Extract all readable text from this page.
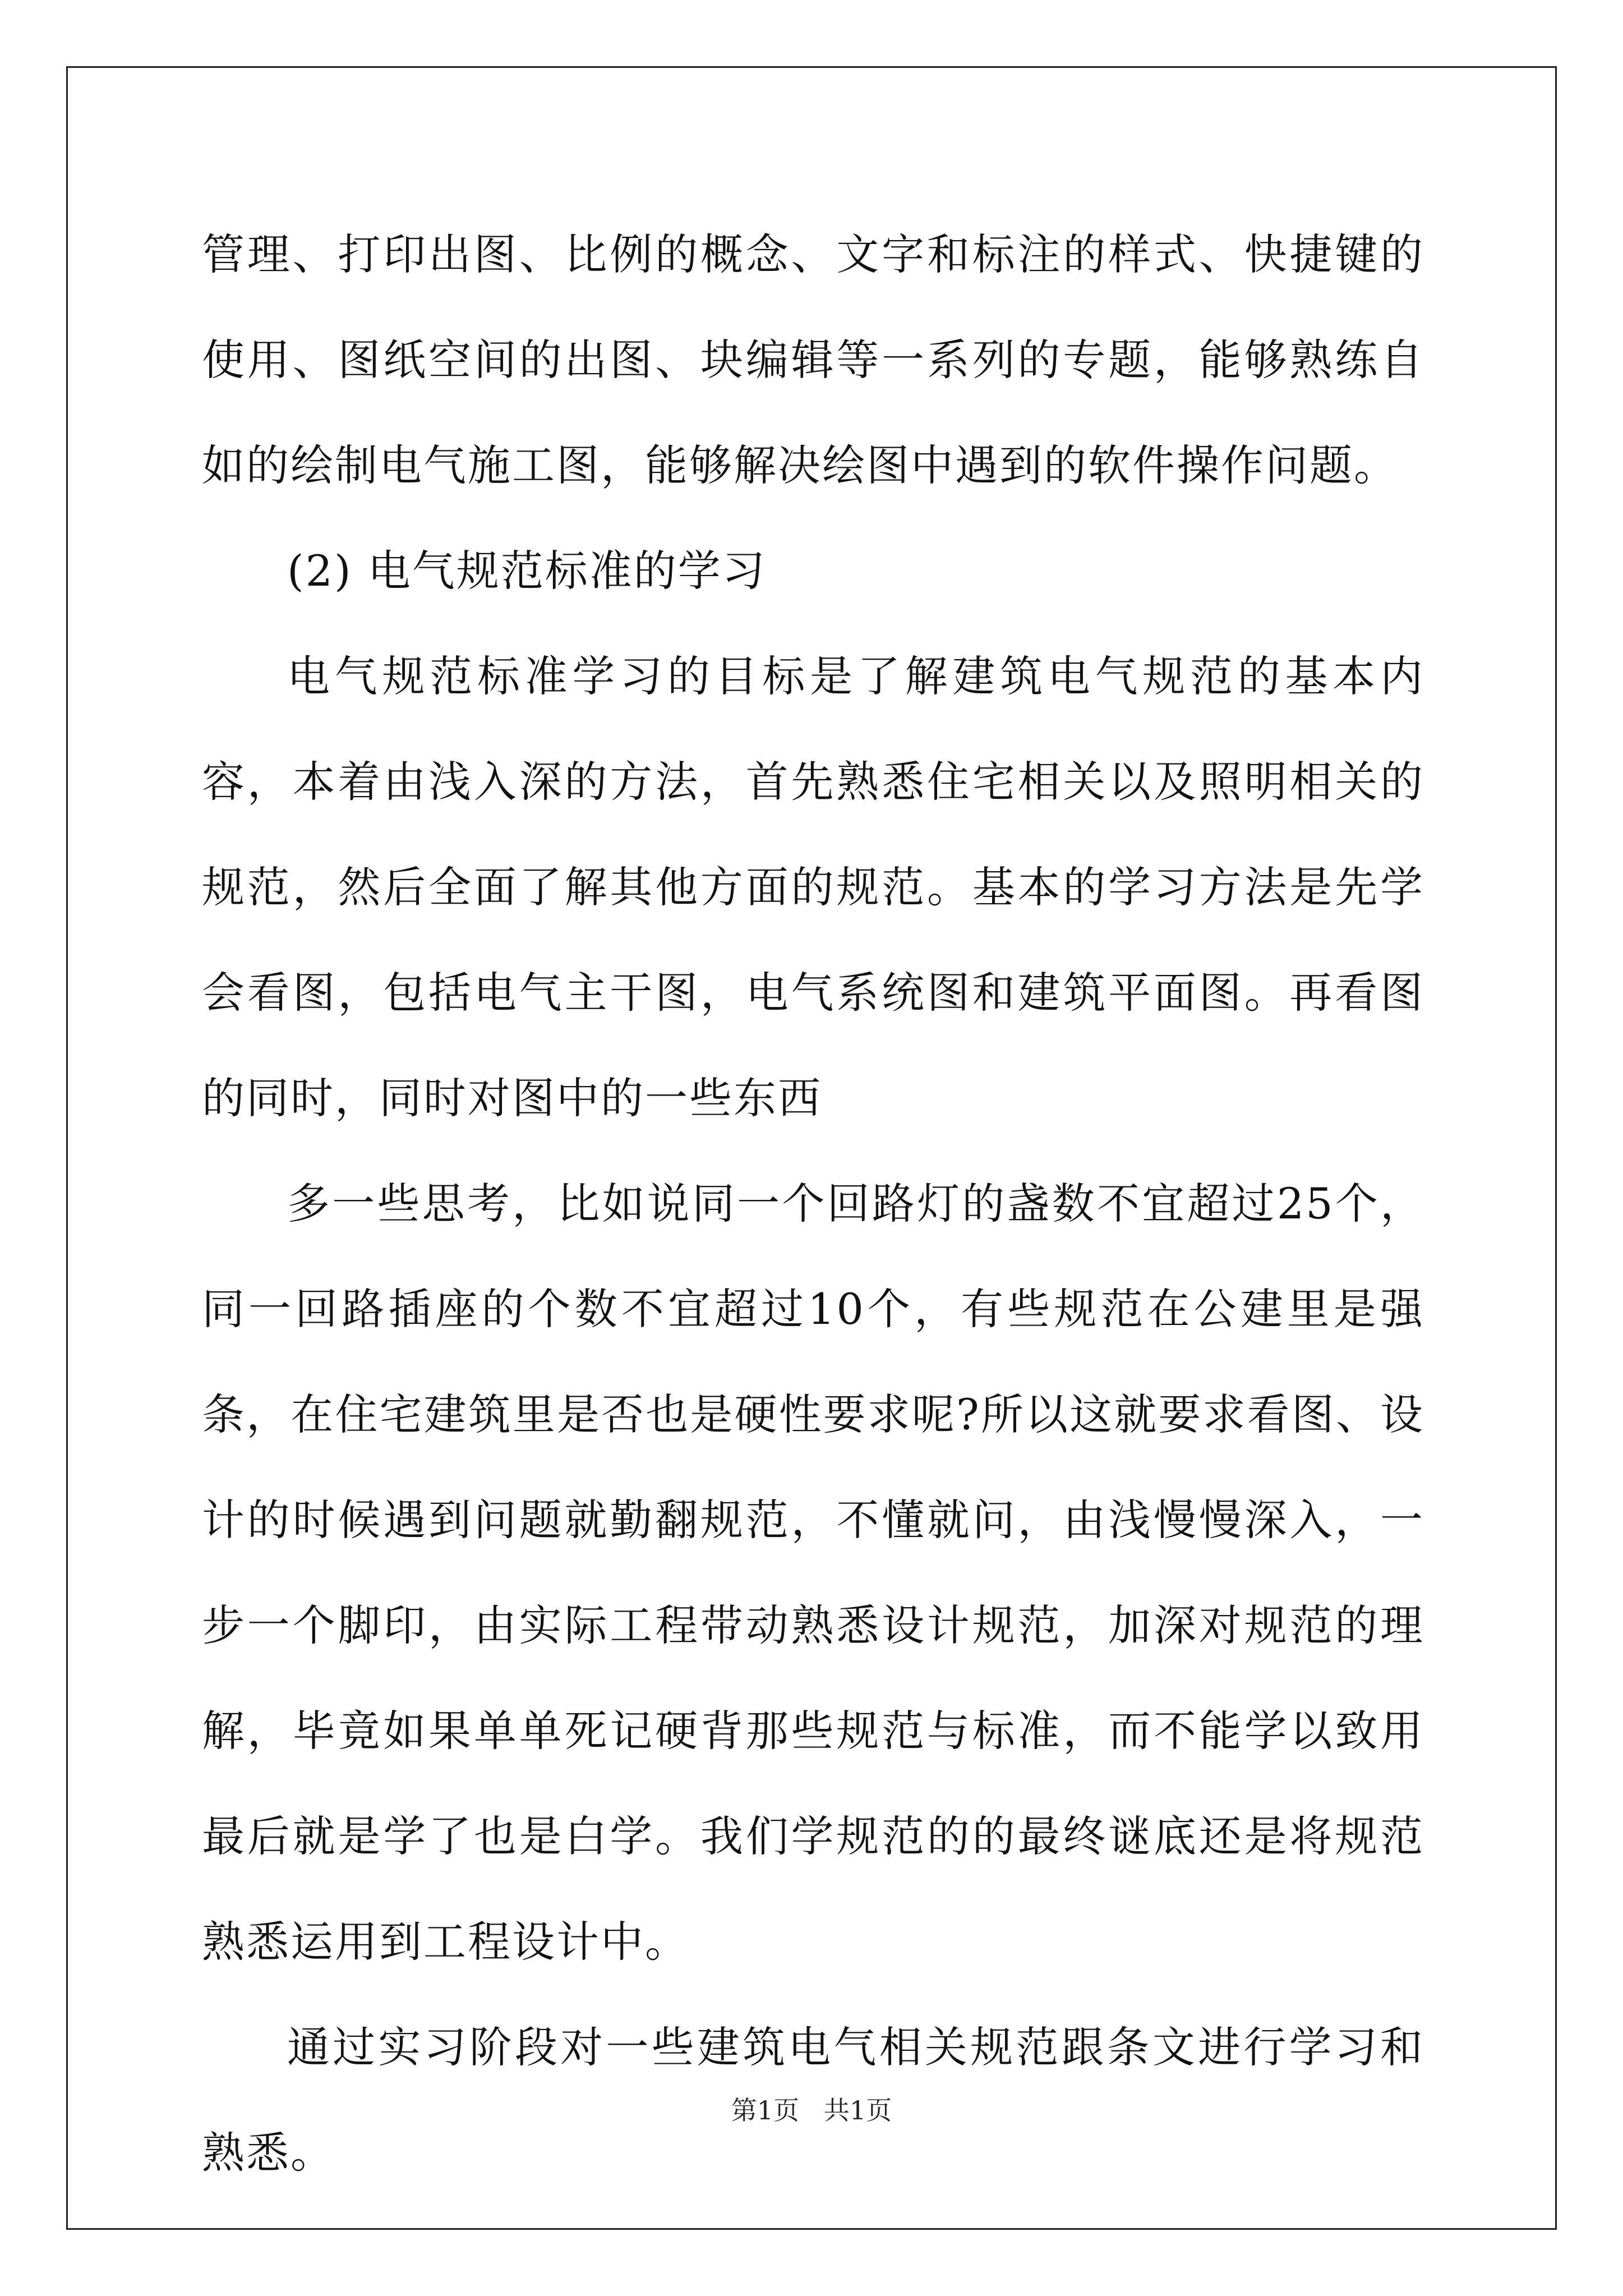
管理、打印出图、比例的概念、文字和标注的样式、快捷键的使用、图纸空间的出图、块编辑等一系列的专题，能够熟练自如的绘制电气施工图，能够解决绘图中遇到的软件操作问题。

(2) 电气规范标准的学习

电气规范标准学习的目标是了解建筑电气规范的基本内容，本着由浅入深的方法，首先熟悉住宅相关以及照明相关的规范，然后全面了解其他方面的规范。基本的学习方法是先学会看图，包括电气主干图，电气系统图和建筑平面图。再看图的同时，同时对图中的一些东西

多一些思考，比如说同一个回路灯的盏数不宜超过25个，同一回路插座的个数不宜超过10个，有些规范在公建里是强条，在住宅建筑里是否也是硬性要求呢?所以这就要求看图、设计的时候遇到问题就勤翻规范，不懂就问，由浅慢慢深入，一步一个脚印，由实际工程带动熟悉设计规范，加深对规范的理解，毕竟如果单单死记硬背那些规范与标准，而不能学以致用最后就是学了也是白学。我们学规范的的最终谜底还是将规范熟悉运用到工程设计中。

通过实习阶段对一些建筑电气相关规范跟条文进行学习和熟悉。

第1页   共1页
